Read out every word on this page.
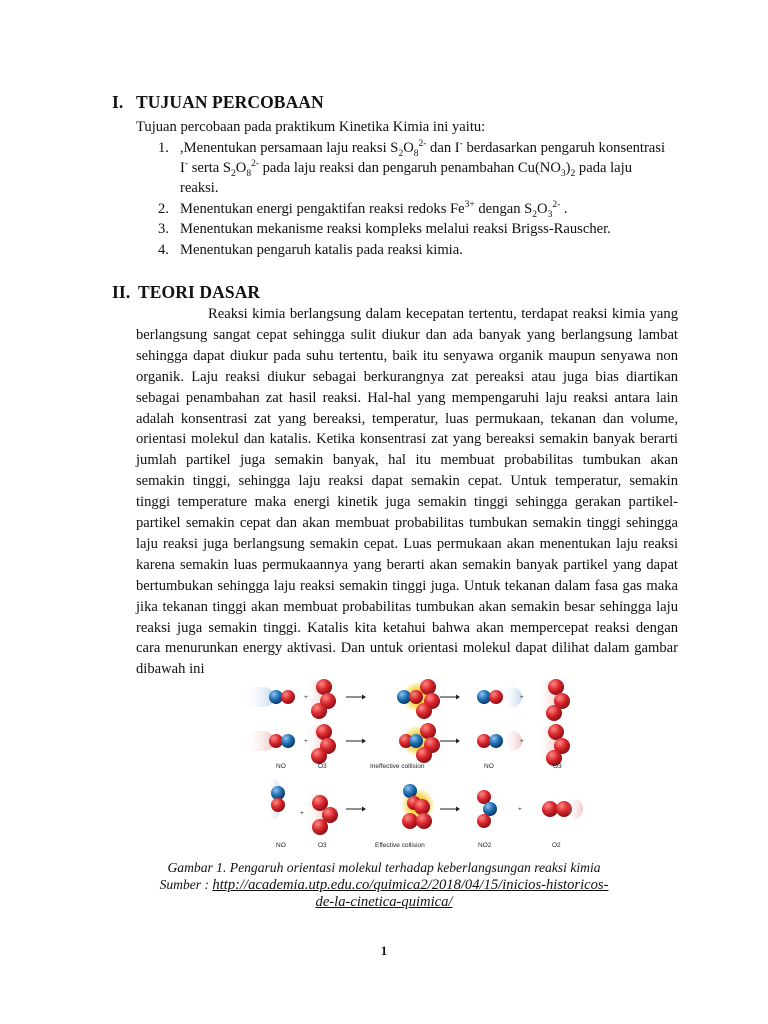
I. TUJUAN PERCOBAAN
Tujuan percobaan pada praktikum Kinetika Kimia ini yaitu:
1. ,Menentukan persamaan laju reaksi $S_2O_8^{2-}$ dan I- berdasarkan pengaruh konsentrasi
I- serta $S_2O_8^{2-}$ pada laju reaksi dan pengaruh penambahan $Cu(NO_3)_2$ pada laju
reaksi.
2. Menentukan energi pengaktifan reaksi redoks $Fe^{3+}$ dengan $S_2O_3^{2-}$ .
3. Menentukan mekanisme reaksi kompleks melalui reaksi Brigss-Rauscher.
4. Menentukan pengaruh katalis pada reaksi kimia.
II. TEORI DASAR
Reaksi kimia berlangsung dalam kecepatan tertentu, terdapat reaksi kimia yang
berlangsung sangat cepat sehingga sulit diukur dan ada banyak yang berlangsung lambat
sehingga dapat diukur pada suhu tertentu, baik itu senyawa organik maupun senyawa non
organik. Laju reaksi diukur sebagai berkurangnya zat pereaksi atau juga bias diartikan
sebagai penambahan zat hasil reaksi. Hal-hal yang mempengaruhi laju reaksi antara lain
adalah konsentrasi zat yang bereaksi, temperatur, luas permukaan, tekanan dan volume,
orientasi molekul dan katalis. Ketika konsentrasi zat yang bereaksi semakin banyak berarti
jumlah partikel juga semakin banyak, hal itu membuat probabilitas tumbukan akan
semakin tinggi, sehingga laju reaksi dapat semakin cepat. Untuk temperatur, semakin
tinggi temperature maka energi kinetik juga semakin tinggi sehingga gerakan partikel-
partikel semakin cepat dan akan membuat probabilitas tumbukan semakin tinggi sehingga
laju reaksi juga berlangsung semakin cepat. Luas permukaan akan menentukan laju reaksi
karena semakin luas permukaannya yang berarti akan semakin banyak partikel yang dapat
bertumbukan sehingga laju reaksi semakin tinggi juga. Untuk tekanan dalam fasa gas maka
jika tekanan tinggi akan membuat probabilitas tumbukan akan semakin besar sehingga laju
reaksi juga semakin tinggi. Katalis kita ketahui bahwa akan mempercepat reaksi dengan
cara menurunkan energy aktivasi. Dan untuk orientasi molekul dapat dilihat dalam gambar
dibawah ini
+
+
+
+
NO	O3	Ineffective collision	NO	O3
NO	O3	Effective collision	NO2	O2
Gambar 1. Pengaruh orientasi molekul terhadap keberlangsungan reaksi kimia
Sumber : http://academia.utp.edu.co/quimica2/2018/04/15/inicios-historicos-
de-la-cinetica-quimica/
1
